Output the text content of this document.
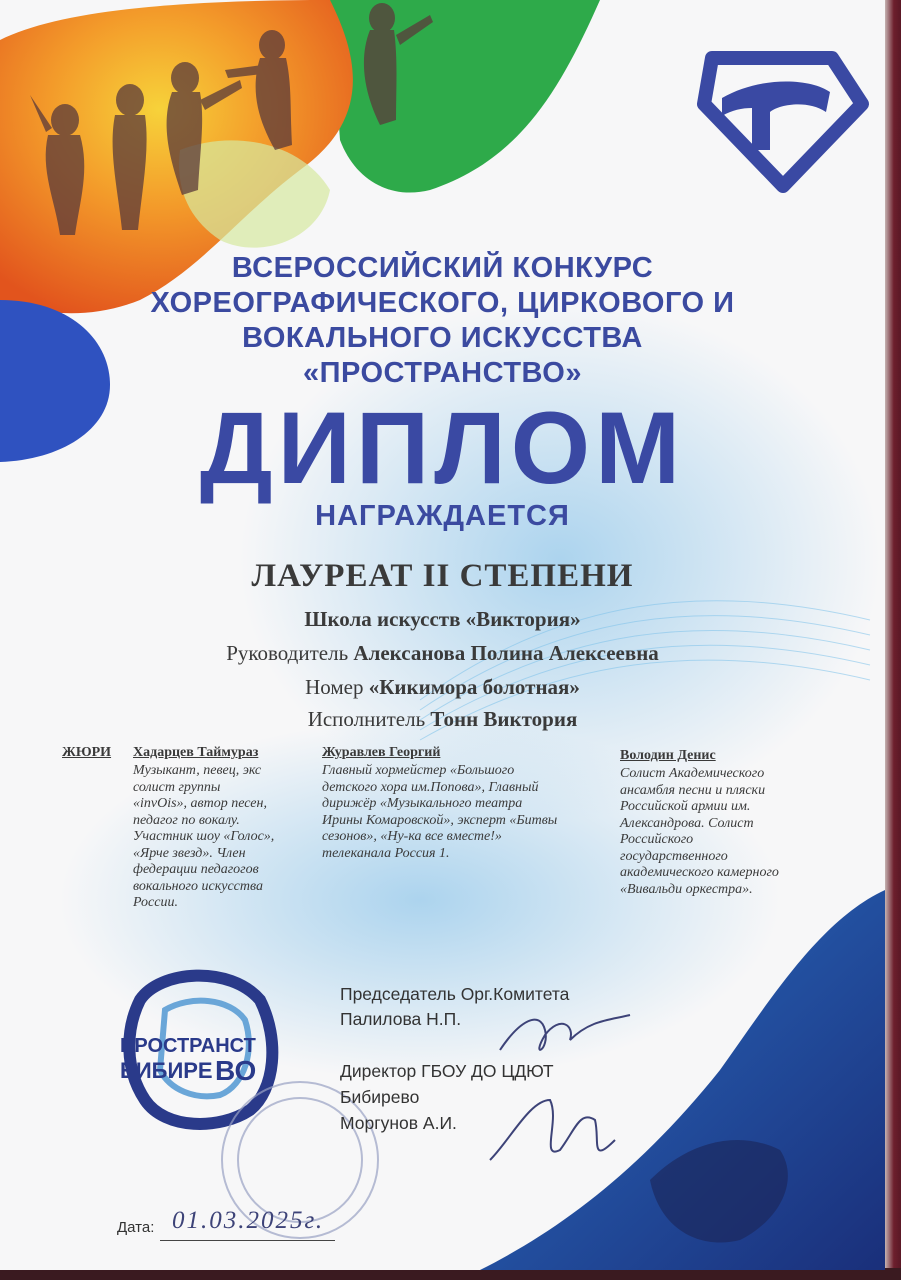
ПРОСТРАНСТ
БИБИРЕ ВО
ВСЕРОССИЙСКИЙ КОНКУРС
ХОРЕОГРАФИЧЕСКОГО, ЦИРКОВОГО И
ВОКАЛЬНОГО ИСКУССТВА
«ПРОСТРАНСТВО»
ДИПЛОМ
НАГРАЖДАЕТСЯ
ЛАУРЕАТ II СТЕПЕНИ
Школа искусств «Виктория»
Руководитель Алексанова Полина Алексеевна
Номер «Кикимора болотная»
Исполнитель Тонн Виктория
ЖЮРИ Хадарцев Таймураз
Музыкант, певец, экс
солист группы
«invOis», автор песен,
педагог по вокалу.
Участник шоу «Голос»,
«Ярче звезд». Член
федерации педагогов
вокального искусства
России.
Журавлев Георгий
Главный хормейстер «Большого
детского хора им.Попова», Главный
дирижёр «Музыкального театра
Ирины Комаровской», эксперт «Битвы
сезонов», «Ну-ка все вместе!»
телеканала Россия 1.
Володин Денис
Солист Академического
ансамбля песни и пляски
Российской армии им.
Александрова. Солист
Российского
государственного
академического камерного
«Вивальди оркестра».
Председатель Орг.Комитета
Палилова Н.П.
Директор ГБОУ ДО ЦДЮТ
Бибирево
Моргунов А.И.
Дата: 01.03.2025г.
